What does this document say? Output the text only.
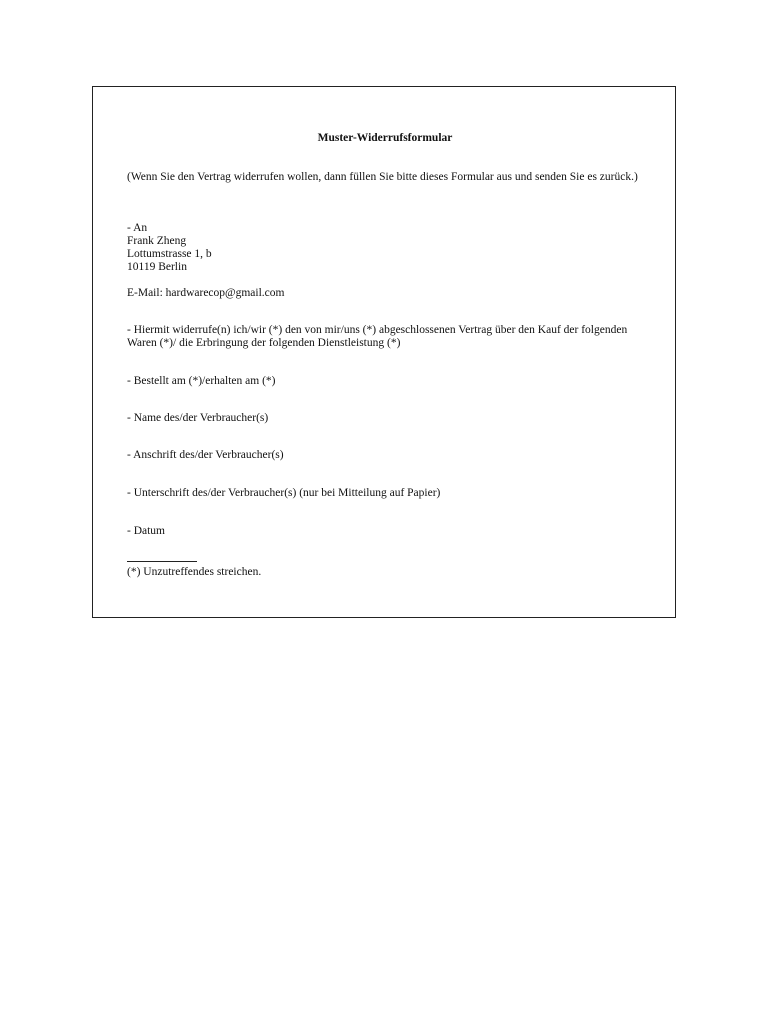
Muster-Widerrufsformular
(Wenn Sie den Vertrag widerrufen wollen, dann füllen Sie bitte dieses Formular aus und senden Sie es zurück.)
- An
Frank Zheng
Lottumstrasse 1, b
10119 Berlin
E-Mail: hardwarecop@gmail.com
- Hiermit widerrufe(n) ich/wir (*) den von mir/uns (*) abgeschlossenen Vertrag über den Kauf der folgenden Waren (*)/ die Erbringung der folgenden Dienstleistung (*)
- Bestellt am (*)/erhalten am (*)
- Name des/der Verbraucher(s)
- Anschrift des/der Verbraucher(s)
- Unterschrift des/der Verbraucher(s) (nur bei Mitteilung auf Papier)
- Datum
(*) Unzutreffendes streichen.
